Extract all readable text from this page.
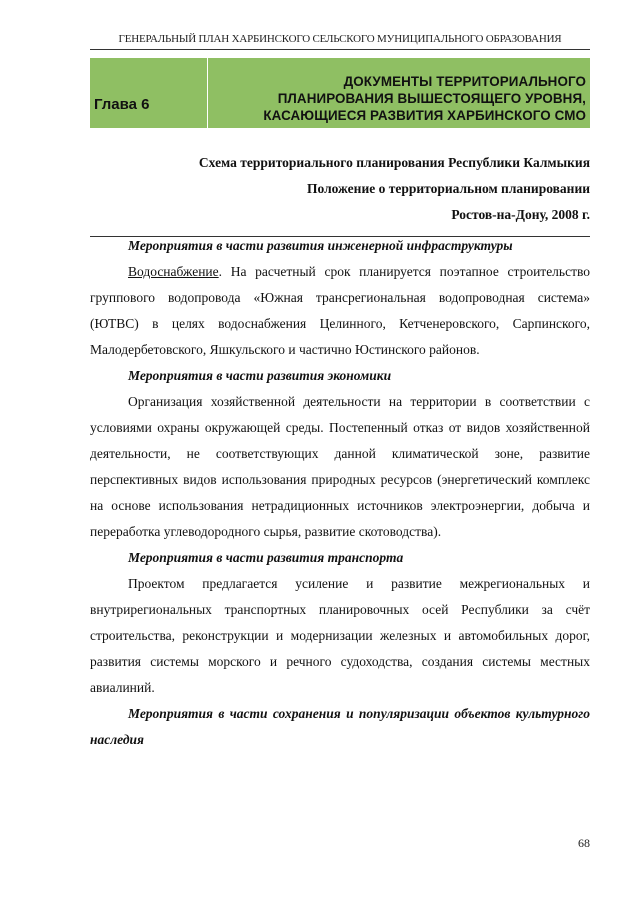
ГЕНЕРАЛЬНЫЙ ПЛАН ХАРБИНСКОГО СЕЛЬСКОГО МУНИЦИПАЛЬНОГО ОБРАЗОВАНИЯ
Глава 6
ДОКУМЕНТЫ ТЕРРИТОРИАЛЬНОГО
ПЛАНИРОВАНИЯ ВЫШЕСТОЯЩЕГО УРОВНЯ,
КАСАЮЩИЕСЯ РАЗВИТИЯ ХАРБИНСКОГО СМО
Схема территориального планирования Республики Калмыкия
Положение о территориальном планировании
Ростов-на-Дону, 2008 г.

Мероприятия в части развития инженерной инфраструктуры

Водоснабжение. На расчетный срок планируется поэтапное строительство группового водопровода «Южная трансрегиональная водопроводная система» (ЮТВС) в целях водоснабжения Целинного, Кетченеровского, Сарпинского, Малодербетовского, Яшкульского и частично Юстинского районов.

Мероприятия в части развития экономики

Организация хозяйственной деятельности на территории в соответствии с условиями охраны окружающей среды. Постепенный отказ от видов хозяйственной деятельности, не соответствующих данной климатической зоне, развитие перспективных видов использования природных ресурсов (энергетический комплекс на основе использования нетрадиционных источников электроэнергии, добыча и переработка углеводородного сырья, развитие скотоводства).

Мероприятия в части развития транспорта

Проектом предлагается усиление и развитие межрегиональных и внутрирегиональных транспортных планировочных осей Республики за счёт строительства, реконструкции и модернизации железных и автомобильных дорог, развития системы морского и речного судоходства, создания системы местных авиалиний.

Мероприятия в части сохранения и популяризации объектов культурного наследия

68
